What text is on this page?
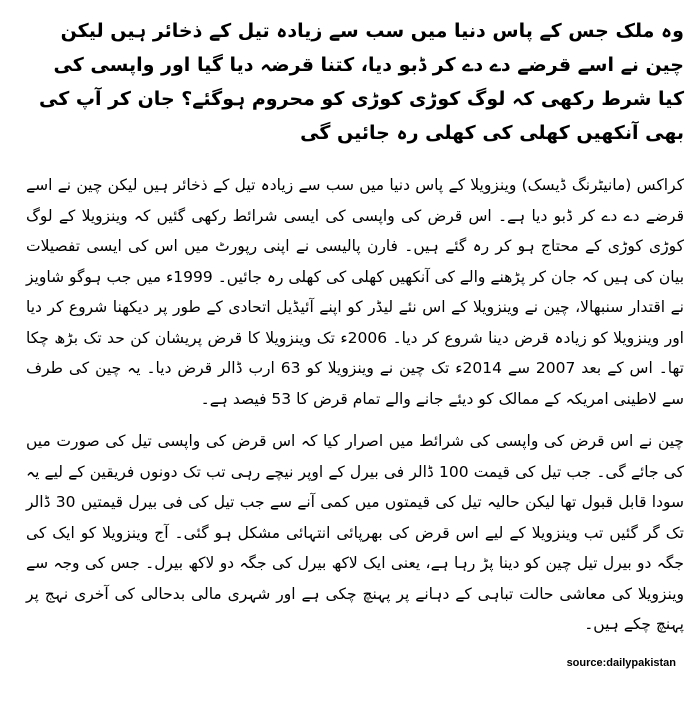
وہ ملک جس کے پاس دنیا میں سب سے زیادہ تیل کے ذخائر ہیں لیکن چین نے اسے قرضے دے دے کر ڈبو دیا، کتنا قرضہ دیا گیا اور واپسی کی کیا شرط رکھی کہ لوگ کوڑی کوڑی کو محروم ہوگئے؟ جان کر آپ کی بھی آنکھیں کھلی کی کھلی رہ جائیں گی

کراکس (مانیٹرنگ ڈیسک) وینزویلا کے پاس دنیا میں سب سے زیادہ تیل کے ذخائر ہیں لیکن چین نے اسے قرضے دے دے کر ڈبو دیا ہے۔ اس قرض کی واپسی کی ایسی شرائط رکھی گئیں کہ وینزویلا کے لوگ کوڑی کوڑی کے محتاج ہو کر رہ گئے ہیں۔ فارن پالیسی نے اپنی رپورٹ میں اس کی ایسی تفصیلات بیان کی ہیں کہ جان کر پڑھنے والے کی آنکھیں کھلی کی کھلی رہ جائیں۔ 1999ء میں جب ہوگو شاویز نے اقتدار سنبھالا، چین نے وینزویلا کے اس نئے لیڈر کو اپنے آئیڈیل اتحادی کے طور پر دیکھنا شروع کر دیا اور وینزویلا کو زیادہ قرض دینا شروع کر دیا۔ 2006ء تک وینزویلا کا قرض پریشان کن حد تک بڑھ چکا تھا۔ اس کے بعد 2007 سے 2014ء تک چین نے وینزویلا کو 63 ارب ڈالر قرض دیا۔ یہ چین کی طرف سے لاطینی امریکہ کے ممالک کو دیئے جانے والے تمام قرض کا 53 فیصد ہے۔

چین نے اس قرض کی واپسی کی شرائط میں اصرار کیا کہ اس قرض کی واپسی تیل کی صورت میں کی جائے گی۔ جب تیل کی قیمت 100 ڈالر فی بیرل کے اوپر نیچے رہی تب تک دونوں فریقین کے لیے یہ سودا قابل قبول تھا لیکن حالیہ تیل کی قیمتوں میں کمی آنے سے جب تیل کی فی بیرل قیمتیں 30 ڈالر تک گر گئیں تب وینزویلا کے لیے اس قرض کی بھرپائی انتہائی مشکل ہو گئی۔ آج وینزویلا کو ایک کی جگہ دو بیرل تیل چین کو دینا پڑ رہا ہے، یعنی ایک لاکھ بیرل کی جگہ دو لاکھ بیرل۔ جس کی وجہ سے وینزویلا کی معاشی حالت تباہی کے دہانے پر پہنچ چکی ہے اور شہری مالی بدحالی کی آخری نہج پر پہنچ چکے ہیں۔

source:dailypakistan
